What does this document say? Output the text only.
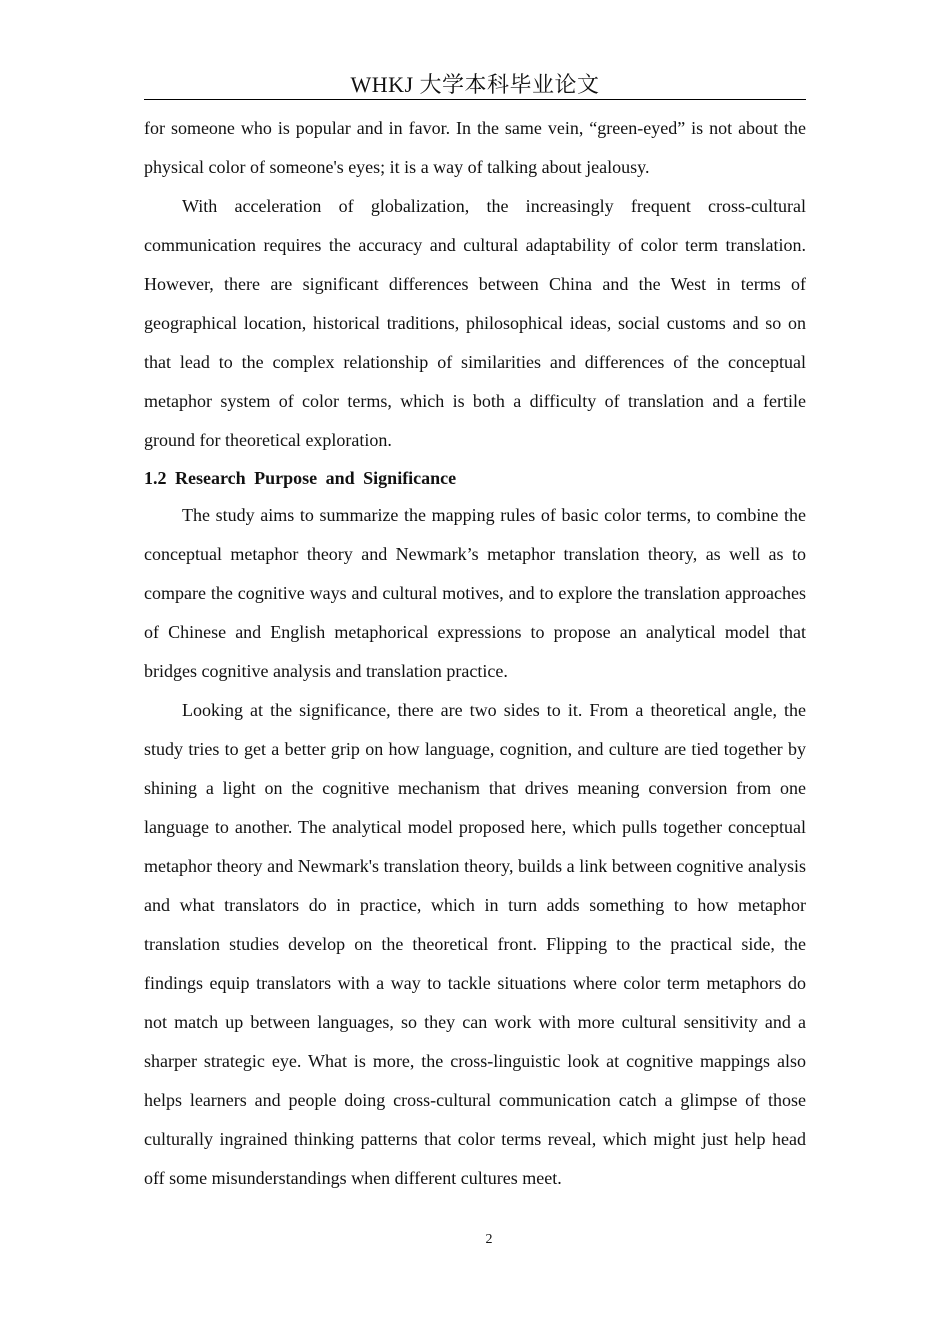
WHKJ 大学本科毕业论文

for someone who is popular and in favor. In the same vein, “green-eyed” is not about the physical color of someone's eyes; it is a way of talking about jealousy.

With acceleration of globalization, the increasingly frequent cross-cultural communication requires the accuracy and cultural adaptability of color term translation. However, there are significant differences between China and the West in terms of geographical location, historical traditions, philosophical ideas, social customs and so on that lead to the complex relationship of similarities and differences of the conceptual metaphor system of color terms, which is both a difficulty of translation and a fertile ground for theoretical exploration.

1.2 Research Purpose and Significance

The study aims to summarize the mapping rules of basic color terms, to combine the conceptual metaphor theory and Newmark’s metaphor translation theory, as well as to compare the cognitive ways and cultural motives, and to explore the translation approaches of Chinese and English metaphorical expressions to propose an analytical model that bridges cognitive analysis and translation practice.

Looking at the significance, there are two sides to it. From a theoretical angle, the study tries to get a better grip on how language, cognition, and culture are tied together by shining a light on the cognitive mechanism that drives meaning conversion from one language to another. The analytical model proposed here, which pulls together conceptual metaphor theory and Newmark's translation theory, builds a link between cognitive analysis and what translators do in practice, which in turn adds something to how metaphor translation studies develop on the theoretical front. Flipping to the practical side, the findings equip translators with a way to tackle situations where color term metaphors do not match up between languages, so they can work with more cultural sensitivity and a sharper strategic eye. What is more, the cross-linguistic look at cognitive mappings also helps learners and people doing cross-cultural communication catch a glimpse of those culturally ingrained thinking patterns that color terms reveal, which might just help head off some misunderstandings when different cultures meet.

2
